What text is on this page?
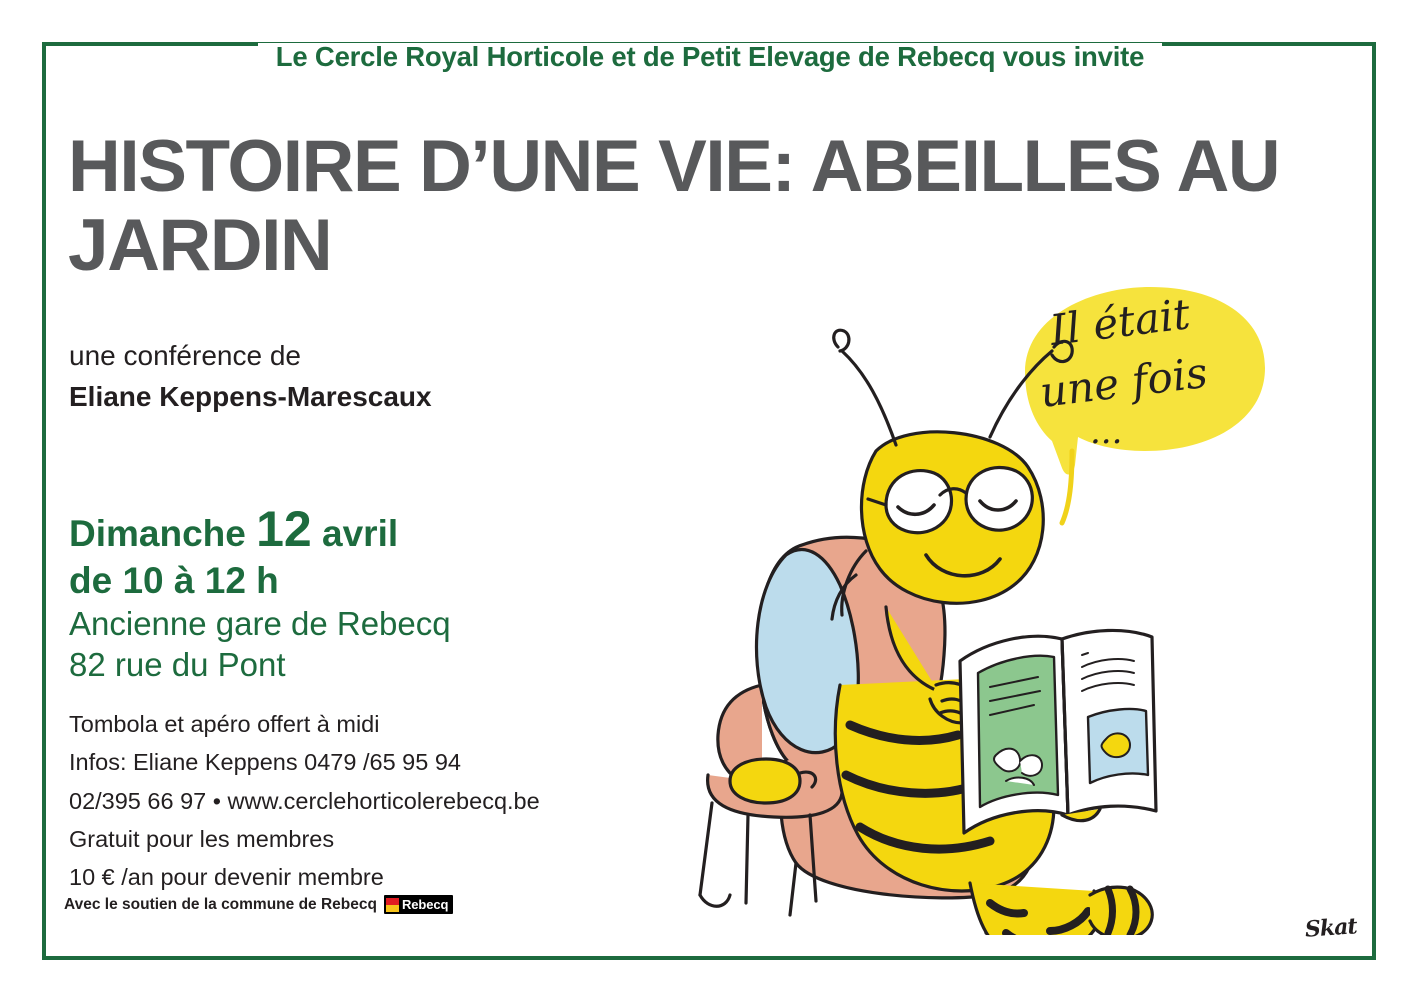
Le Cercle Royal Horticole et de Petit Elevage de Rebecq vous invite
HISTOIRE D’UNE VIE: ABEILLES AU JARDIN
une conférence de
Eliane Keppens-Marescaux
Dimanche 12 avril
de 10 à 12 h
Ancienne gare de Rebecq
82 rue du Pont
Tombola et apéro offert à midi
Infos: Eliane Keppens 0479 /65 95 94
02/395 66 97 • www.cerclehorticolerebecq.be
Gratuit pour les membres
10 € /an pour devenir membre
Avec le soutien de la commune de Rebecq Rebecq
Il était
une fois
...
Skat
